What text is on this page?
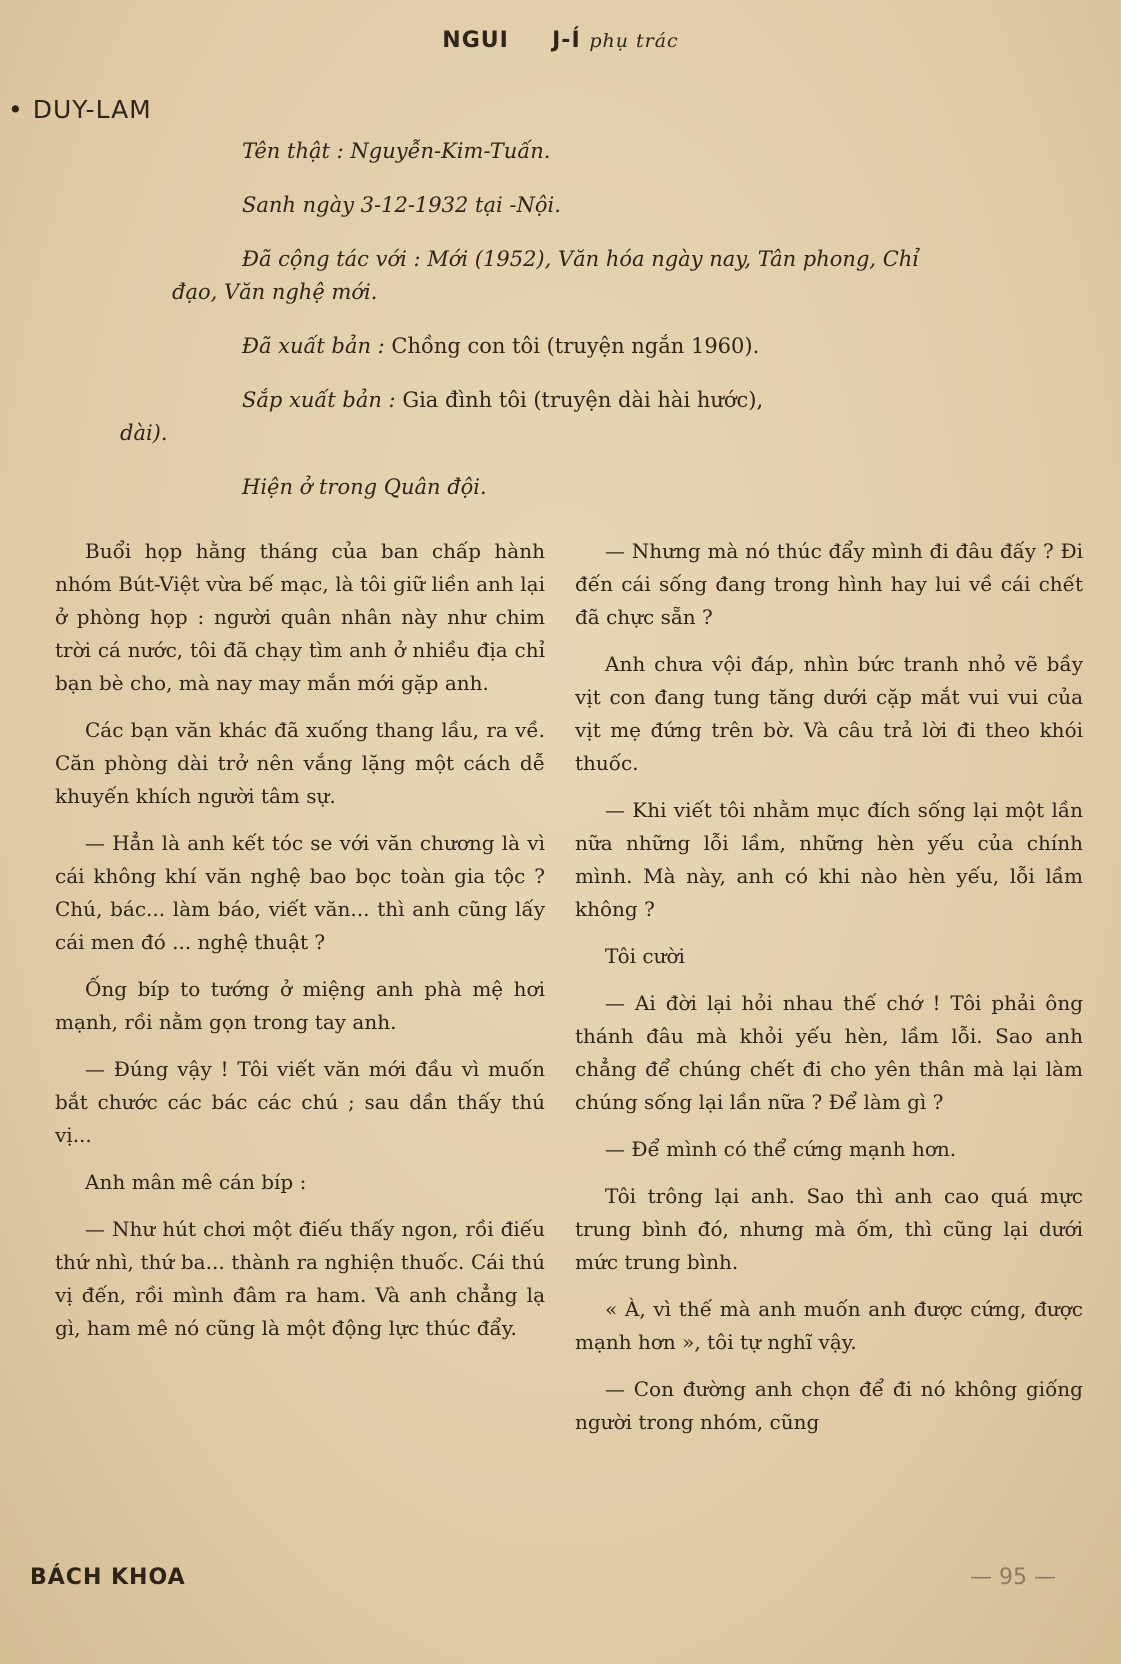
NGUI J-Í phụ trác
• DUY-LAM

Tên thật : Nguyễn-Kim-Tuấn.

Sanh ngày 3-12-1932 tại -Nội.

Đã cộng tác với : Mới (1952), Văn hóa ngày nay, Tân phong, Chỉ

đạo, Văn nghệ mới.

Đã xuất bản : Chồng con tôi (truyện ngắn 1960).

Sắp xuất bản : Gia đình tôi (truyện dài hài hước),

dài).

Hiện ở trong Quân đội.

Buổi họp hằng tháng của ban chấp hành nhóm Bút-Việt vừa bế mạc, là tôi giữ liền anh lại ở phòng họp : người quân nhân này như chim trời cá nước, tôi đã chạy tìm anh ở nhiều địa chỉ bạn bè cho, mà nay may mắn mới gặp anh.

Các bạn văn khác đã xuống thang lầu, ra về. Căn phòng dài trở nên vắng lặng một cách dễ khuyến khích người tâm sự.

— Hẳn là anh kết tóc se với văn chương là vì cái không khí văn nghệ bao bọc toàn gia tộc ? Chú, bác... làm báo, viết văn... thì anh cũng lấy cái men đó ... nghệ thuật ?

Ống bíp to tướng ở miệng anh phà mệ hơi mạnh, rồi nằm gọn trong tay anh.

— Đúng vậy ! Tôi viết văn mới đầu vì muốn bắt chước các bác các chú ; sau dần thấy thú vị...

Anh mân mê cán bíp :

— Như hút chơi một điếu thấy ngon, rồi điếu thứ nhì, thứ ba... thành ra nghiện thuốc. Cái thú vị đến, rồi mình đâm ra ham. Và anh chẳng lạ gì, ham mê nó cũng là một động lực thúc đẩy.

— Nhưng mà nó thúc đẩy mình đi đâu đấy ? Đi đến cái sống đang trong hình hay lui về cái chết đã chực sẵn ?

Anh chưa vội đáp, nhìn bức tranh nhỏ vẽ bầy vịt con đang tung tăng dưới cặp mắt vui vui của vịt mẹ đứng trên bờ. Và câu trả lời đi theo khói thuốc.

— Khi viết tôi nhằm mục đích sống lại một lần nữa những lỗi lầm, những hèn yếu của chính mình. Mà này, anh có khi nào hèn yếu, lỗi lầm không ?

Tôi cười

— Ai đời lại hỏi nhau thế chớ ! Tôi phải ông thánh đâu mà khỏi yếu hèn, lầm lỗi. Sao anh chẳng để chúng chết đi cho yên thân mà lại làm chúng sống lại lần nữa ? Để làm gì ?

— Để mình có thể cứng mạnh hơn.

Tôi trông lại anh. Sao thì anh cao quá mực trung bình đó, nhưng mà ốm, thì cũng lại dưới mức trung bình.

« À, vì thế mà anh muốn anh được cứng, được mạnh hơn », tôi tự nghĩ vậy.

— Con đường anh chọn để đi nó không giống người trong nhóm, cũng

BÁCH KHOA	— 95 —
